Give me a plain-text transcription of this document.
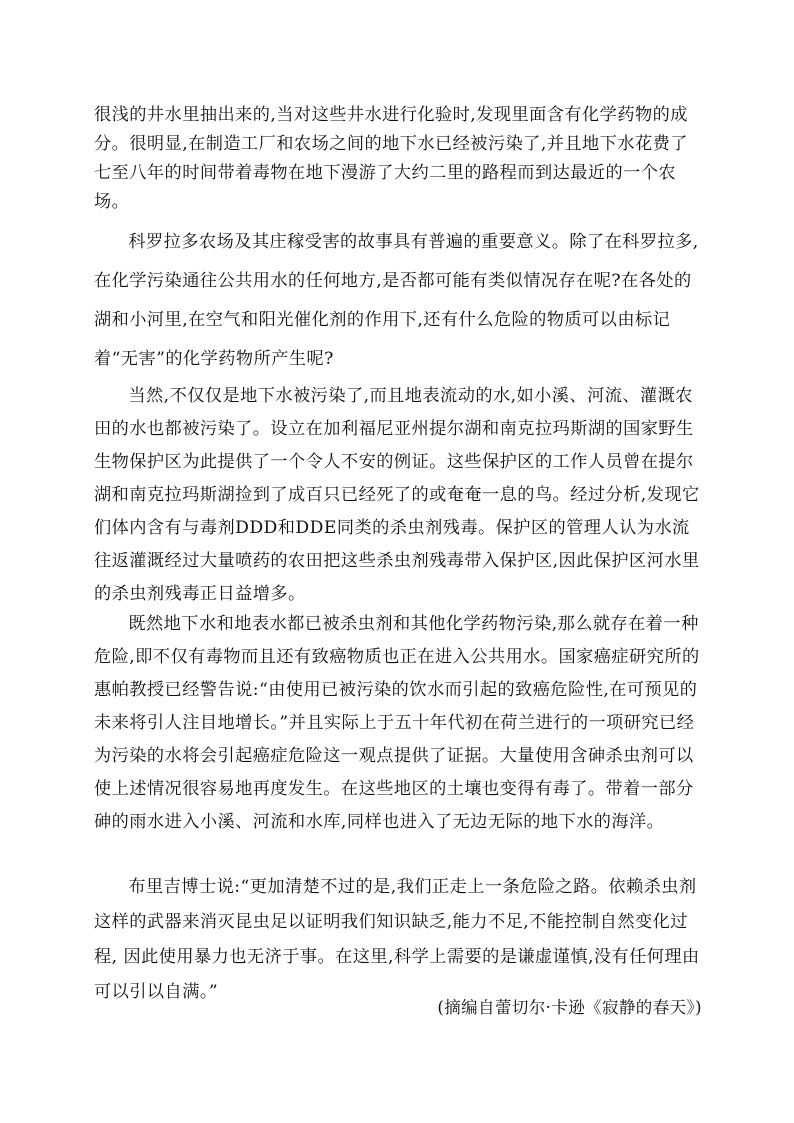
很浅的井水里抽出来的,当对这些井水进行化验时,发现里面含有化学药物的成分。很明显,在制造工厂和农场之间的地下水已经被污染了,并且地下水花费了七至八年的时间带着毒物在地下漫游了大约二里的路程而到达最近的一个农场。

科罗拉多农场及其庄稼受害的故事具有普遍的重要意义。除了在科罗拉多,在化学污染通往公共用水的任何地方,是否都可能有类似情况存在呢?在各处的湖和小河里,在空气和阳光催化剂的作用下,还有什么危险的物质可以由标记着“无害”的化学药物所产生呢?

当然,不仅仅是地下水被污染了,而且地表流动的水,如小溪、河流、灌溉农田的水也都被污染了。设立在加利福尼亚州提尔湖和南克拉玛斯湖的国家野生生物保护区为此提供了一个令人不安的例证。这些保护区的工作人员曾在提尔湖和南克拉玛斯湖捡到了成百只已经死了的或奄奄一息的鸟。经过分析,发现它们体内含有与毒剂DDD和DDE同类的杀虫剂残毒。保护区的管理人认为水流往返灌溉经过大量喷药的农田把这些杀虫剂残毒带入保护区,因此保护区河水里的杀虫剂残毒正日益增多。

既然地下水和地表水都已被杀虫剂和其他化学药物污染,那么就存在着一种危险,即不仅有毒物而且还有致癌物质也正在进入公共用水。国家癌症研究所的惠帕教授已经警告说:“由使用已被污染的饮水而引起的致癌危险性,在可预见的未来将引人注目地增长。”并且实际上于五十年代初在荷兰进行的一项研究已经为污染的水将会引起癌症危险这一观点提供了证据。大量使用含砷杀虫剂可以使上述情况很容易地再度发生。在这些地区的土壤也变得有毒了。带着一部分砷的雨水进入小溪、河流和水库,同样也进入了无边无际的地下水的海洋。

布里吉博士说:“更加清楚不过的是,我们正走上一条危险之路。依赖杀虫剂这样的武器来消灭昆虫足以证明我们知识缺乏,能力不足,不能控制自然变化过程, 因此使用暴力也无济于事。在这里,科学上需要的是谦虚谨慎,没有任何理由可以引以自满。”

(摘编自蕾切尔·卡逊《寂静的春天》)
